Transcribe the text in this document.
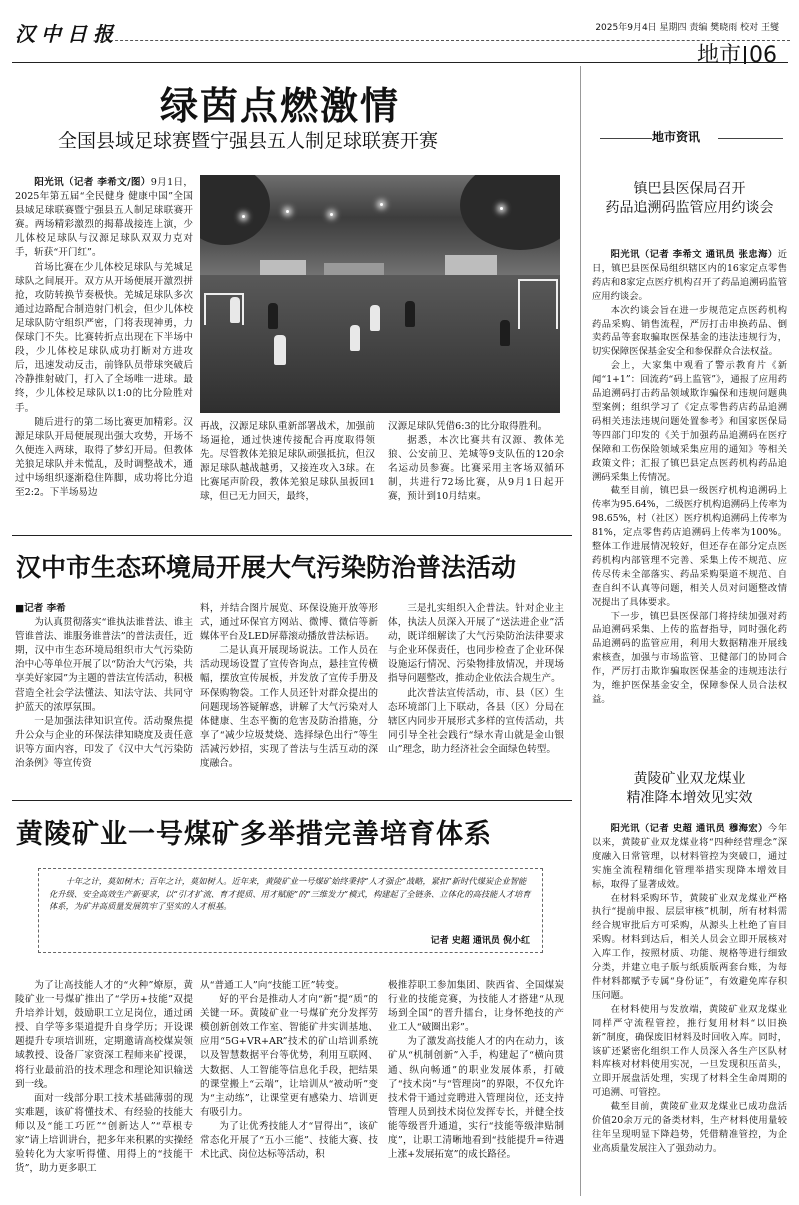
汉中日报	2025年9月4日 星期四 责编 樊晓雨 校对 王燮
地市 06
绿茵点燃激情
全国县域足球赛暨宁强县五人制足球联赛开赛

阳光讯（记者 李希文/图）9月1日，2025年第五届“全民健身 健康中国”全国县域足球联赛暨宁强县五人制足球联赛开赛。两场精彩激烈的揭幕战接连上演，少儿体校足球队与汉源足球队双双力克对手，斩获“开门红”。

首场比赛在少儿体校足球队与羌城足球队之间展开。双方从开场便展开激烈拼抢，攻防转换节奏极快。羌城足球队多次通过边路配合制造射门机会，但少儿体校足球队防守组织严密，门将表现神勇，力保球门不失。比赛转折点出现在下半场中段，少儿体校足球队成功打断对方进攻后，迅速发动反击，前锋队员带球突破后冷静推射破门，打入了全场唯一进球。最终，少儿体校足球队以1:0的比分险胜对手。

随后进行的第二场比赛更加精彩。汉源足球队开局便展现出强大攻势，开场不久便连入两球，取得了梦幻开局。但教体羌狼足球队并未慌乱，及时调整战术，通过中场组织逐渐稳住阵脚，成功将比分追至2:2。下半场易边

再战，汉源足球队重新部署战术，加强前场逼抢，通过快速传接配合再度取得领先。尽管教体羌狼足球队顽强抵抗，但汉源足球队越战越勇，又接连攻入3球。在比赛尾声阶段，教体羌狼足球队虽扳回1球，但已无力回天，最终，

汉源足球队凭借6:3的比分取得胜利。

据悉，本次比赛共有汉源、教体羌狼、公安前卫、羌城等9支队伍的120余名运动员参赛。比赛采用主客场双循环制，共进行72场比赛，从9月1日起开赛，预计到10月结束。

汉中市生态环境局开展大气污染防治普法活动

■记者 李希

为认真贯彻落实“谁执法谁普法、谁主管谁普法、谁服务谁普法”的普法责任，近期，汉中市生态环境局组织市大气污染防治中心等单位开展了以“防治大气污染，共享美好家园”为主题的普法宣传活动，积极营造全社会学法懂法、知法守法、共同守护蓝天的浓厚氛围。

一是加强法律知识宣传。活动聚焦提升公众与企业的环保法律知晓度及责任意识等方面内容，印发了《汉中大气污染防治条例》等宣传资

料，并结合图片展览、环保设施开放等形式，通过环保官方网站、微博、微信等新媒体平台及LED屏幕滚动播放普法标语。

二是认真开展现场说法。工作人员在活动现场设置了宣传咨询点，悬挂宣传横幅，摆放宣传展板，并发放了宣传手册及环保购物袋。工作人员还针对群众提出的问题现场答疑解惑，讲解了大气污染对人体健康、生态平衡的危害及防治措施，分享了“减少垃圾焚烧、选择绿色出行”等生活减污妙招，实现了普法与生活互动的深度融合。

三是扎实组织入企普法。针对企业主体，执法人员深入开展了“送法进企业”活动，既详细解读了大气污染防治法律要求与企业环保责任，也同步检查了企业环保设施运行情况、污染物排放情况，并现场指导问题整改，推动企业依法合规生产。

此次普法宣传活动，市、县（区）生态环境部门上下联动，各县（区）分局在辖区内同步开展形式多样的宣传活动，共同引导全社会践行“绿水青山就是金山银山”理念，助力经济社会全面绿色转型。

黄陵矿业一号煤矿多举措完善培育体系
十年之计，莫如树木；百年之计，莫如树人。近年来，黄陵矿业一号煤矿始终秉持“人才强企”战略，紧扣“新时代煤炭企业智能化升级、安全高效生产新要求，以“引才扩流、育才提质、用才赋能”的“三维发力”模式，构建起了全链条、立体化的高技能人才培育体系，为矿井高质量发展筑牢了坚实的人才根基。
记者 史超 通讯员 倪小红

为了让高技能人才的“火种”燎原，黄陵矿业一号煤矿推出了“学历+技能”双提升培养计划，鼓励职工立足岗位，通过函授、自学等多渠道提升自身学历；开设课题提升专项培训班，定期邀请高校煤炭领域教授、设备厂家资深工程师来矿授课，将行业最前沿的技术理念和理论知识输送到一线。

面对一线部分职工技术基础薄弱的现实难题，该矿将懂技术、有经验的技能大师以及“能工巧匠”“创新达人”“草根专家”请上培训讲台，把多年来积累的实操经验转化为大家听得懂、用得上的“技能干货”，助力更多职工

从“普通工人”向“技能工匠”转变。

好的平台是推动人才向“新”提“质”的关键一环。黄陵矿业一号煤矿充分发挥劳模创新创效工作室、智能矿井实训基地、应用“5G+VR+AR”技术的矿山培训系统以及智慧数据平台等优势，利用互联网、大数据、人工智能等信息化手段，把结果的课堂搬上“云端”，让培训从“被动听”变为“主动练”，让课堂更有感染力、培训更有吸引力。

为了让优秀技能人才“冒得出”，该矿常态化开展了“五小三能”、技能大赛、技术比武、岗位达标等活动，积

极推荐职工参加集团、陕西省、全国煤炭行业的技能竞赛，为技能人才搭建“从现场到全国”的晋升擂台，让身怀绝技的产业工人“破圈出彩”。

为了激发高技能人才的内在动力，该矿从“机制创新”入手，构建起了“横向贯通、纵向畅通”的职业发展体系，打破了“技术岗”与“管理岗”的界限，不仅允许技术骨干通过竞聘进入管理岗位，还支持管理人员到技术岗位发挥专长，并健全技能等级晋升通道，实行“技能等级津贴制度”，让职工清晰地看到“技能提升=待遇上涨+发展拓宽”的成长路径。

地市资讯
镇巴县医保局召开
药品追溯码监管应用约谈会

阳光讯（记者 李希文 通讯员 张忠海）近日，镇巴县医保局组织辖区内的16家定点零售药店和8家定点医疗机构召开了药品追溯码监管应用约谈会。

本次约谈会旨在进一步规范定点医药机构药品采购、销售流程，严厉打击串换药品、倒卖药品等套取骗取医保基金的违法违规行为，切实保障医保基金安全和参保群众合法权益。

会上，大家集中观看了警示教育片《新闻“1+1”：回流药“码上监管”》，通报了应用药品追溯码打击药品领域欺诈骗保和违规问题典型案例；组织学习了《定点零售药店药品追溯码相关违法违规问题处置参考》和国家医保局等四部门印发的《关于加强药品追溯码在医疗保障和工伤保险领域采集应用的通知》等相关政策文件；汇报了镇巴县定点医药机构药品追溯码采集上传情况。

截至目前，镇巴县一级医疗机构追溯码上传率为95.64%，二级医疗机构追溯码上传率为98.65%，村（社区）医疗机构追溯码上传率为81%，定点零售药店追溯码上传率为100%。整体工作进展情况较好，但还存在部分定点医药机构内部管理不完善、采集上传不规范、应传尽传未全部落实、药品采购渠道不规范、自查自纠不认真等问题，相关人员对问题整改情况提出了具体要求。

下一步，镇巴县医保部门将持续加强对药品追溯码采集、上传的监督指导，同时强化药品追溯码的监管应用，利用大数据精准开展线索核查，加强与市场监管、卫健部门的协同合作，严厉打击欺诈骗取医保基金的违规违法行为，维护医保基金安全，保障参保人员合法权益。

黄陵矿业双龙煤业
精准降本增效见实效

阳光讯（记者 史超 通讯员 穆海宏）今年以来，黄陵矿业双龙煤业将“四种经营理念”深度融入日常管理，以材料管控为突破口，通过实施全流程精细化管理举措实现降本增效目标，取得了显著成效。

在材料采购环节，黄陵矿业双龙煤业严格执行“提前申报、层层审核”机制，所有材料需经合规审批后方可采购，从源头上杜绝了盲目采购。材料到达后，相关人员会立即开展核对入库工作，按照材质、功能、规格等进行细致分类，并建立电子版与纸质版两套台账，为每件材料都赋予专属“身份证”，有效避免库存积压问题。

在材料使用与发放端，黄陵矿业双龙煤业同样严守流程管控，推行复用材料“以旧换新”制度，确保废旧材料及时回收入库。同时，该矿还紧密化组织工作人员深入各生产区队材料库核对材料使用实况，一旦发现积压苗头，立即开展盘活处理，实现了材料全生命周期的可追溯、可管控。

截至目前，黄陵矿业双龙煤业已成功盘活价值20余万元的备类材料，生产材料使用量较往年呈现明显下降趋势，凭借精准管控，为企业高质量发展注入了强劲动力。
